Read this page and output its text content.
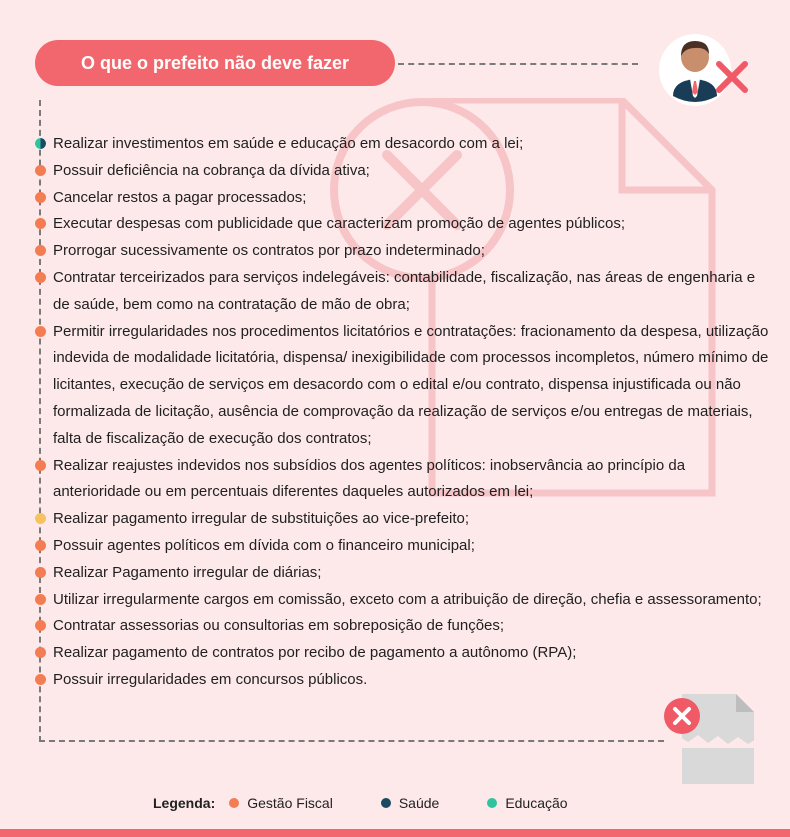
O que o prefeito não deve fazer
Realizar investimentos em saúde e educação em desacordo com a lei;
Possuir deficiência na cobrança da dívida ativa;
Cancelar restos a pagar processados;
Executar despesas com publicidade que caracterizam promoção de agentes públicos;
Prorrogar sucessivamente os contratos por prazo indeterminado;
Contratar terceirizados para serviços indelegáveis: contabilidade, fiscalização, nas áreas de engenharia e de saúde, bem como na contratação de mão de obra;
Permitir irregularidades nos procedimentos licitatórios e contratações: fracionamento da despesa, utilização indevida de modalidade licitatória, dispensa/ inexigibilidade com processos incompletos, número mínimo de licitantes, execução de serviços em desacordo com o edital e/ou contrato, dispensa injustificada ou não formalizada de licitação, ausência de comprovação da realização de serviços e/ou entregas de materiais, falta de fiscalização de execução dos contratos;
Realizar reajustes indevidos nos subsídios dos agentes políticos: inobservância ao princípio da anterioridade ou em percentuais diferentes daqueles autorizados em lei;
Realizar pagamento irregular de substituições ao vice-prefeito;
Possuir agentes políticos em dívida com o financeiro municipal;
Realizar Pagamento irregular de diárias;
Utilizar irregularmente cargos em comissão, exceto com a atribuição de direção, chefia e assessoramento;
Contratar assessorias ou consultorias em sobreposição de funções;
Realizar pagamento de contratos por recibo de pagamento a autônomo (RPA);
Possuir irregularidades em concursos públicos.
Legenda: Gestão Fiscal	Saúde	Educação
